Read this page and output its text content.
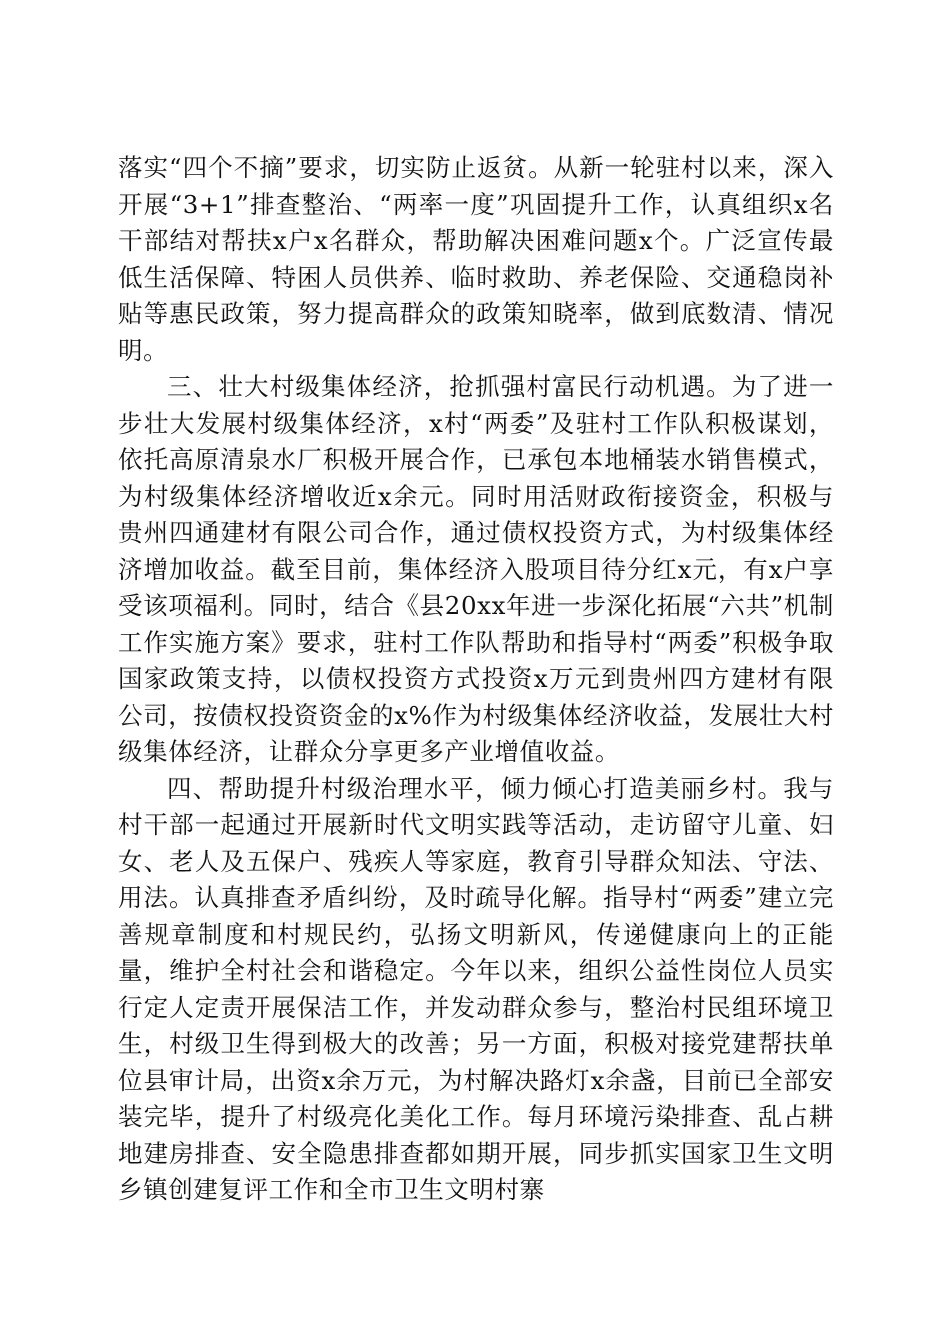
落实“四个不摘”要求，切实防止返贫。从新一轮驻村以来，深入开展“3+1”排查整治、“两率一度”巩固提升工作，认真组织x名干部结对帮扶x户x名群众，帮助解决困难问题x个。广泛宣传最低生活保障、特困人员供养、临时救助、养老保险、交通稳岗补贴等惠民政策，努力提高群众的政策知晓率，做到底数清、情况明。

三、壮大村级集体经济，抢抓强村富民行动机遇。为了进一步壮大发展村级集体经济，x村“两委”及驻村工作队积极谋划，依托高原清泉水厂积极开展合作，已承包本地桶装水销售模式，为村级集体经济增收近x余元。同时用活财政衔接资金，积极与贵州四通建材有限公司合作，通过债权投资方式，为村级集体经济增加收益。截至目前，集体经济入股项目待分红x元，有x户享受该项福利。同时，结合《县20xx年进一步深化拓展“六共”机制工作实施方案》要求，驻村工作队帮助和指导村“两委”积极争取国家政策支持，以债权投资方式投资x万元到贵州四方建材有限公司，按债权投资资金的x%作为村级集体经济收益，发展壮大村级集体经济，让群众分享更多产业增值收益。

四、帮助提升村级治理水平，倾力倾心打造美丽乡村。我与村干部一起通过开展新时代文明实践等活动，走访留守儿童、妇女、老人及五保户、残疾人等家庭，教育引导群众知法、守法、用法。认真排查矛盾纠纷，及时疏导化解。指导村“两委”建立完善规章制度和村规民约，弘扬文明新风，传递健康向上的正能量，维护全村社会和谐稳定。今年以来，组织公益性岗位人员实行定人定责开展保洁工作，并发动群众参与，整治村民组环境卫生，村级卫生得到极大的改善；另一方面，积极对接党建帮扶单位县审计局，出资x余万元，为村解决路灯x余盏，目前已全部安装完毕，提升了村级亮化美化工作。每月环境污染排查、乱占耕地建房排查、安全隐患排查都如期开展，同步抓实国家卫生文明乡镇创建复评工作和全市卫生文明村寨
